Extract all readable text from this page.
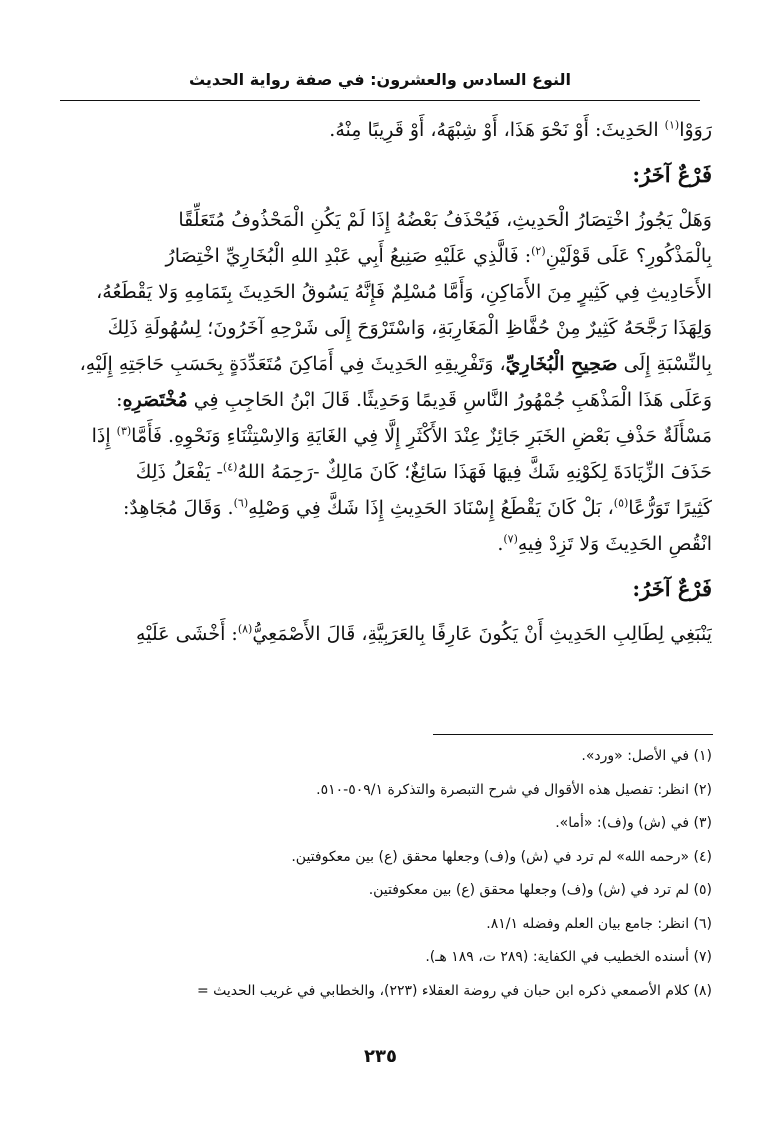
النوع السادس والعشرون: في صفة رواية الحديث
رَوَوْا$^{(١)}$ الحَدِيثَ: أَوْ نَحْوَ هَذَا، أَوْ شِبْهَهُ، أَوْ قَرِيبًا مِنْهُ.
فَرْعٌ آخَرُ:
وَهَلْ يَجُوزُ اخْتِصَارُ الْحَدِيثِ، فَيُحْذَفُ بَعْضُهُ إِذَا لَمْ يَكُنِ الْمَحْذُوفُ مُتَعَلِّقًا
بِالْمَذْكُورِ؟ عَلَى قَوْلَيْنِ$^{(٢)}$: فَالَّذِي عَلَيْهِ صَنِيعُ أَبِي عَبْدِ اللهِ الْبُخَارِيِّ اخْتِصَارُ
الأَحَادِيثِ فِي كَثِيرٍ مِنَ الأَمَاكِنِ، وَأَمَّا مُسْلِمٌ فَإِنَّهُ يَسُوقُ الحَدِيثَ بِتَمَامِهِ وَلا يَقْطَعُهُ،
وَلِهَذَا رَجَّحَهُ كَثِيرٌ مِنْ حُفَّاظِ الْمَغَارِبَةِ، وَاسْتَرْوَحَ إِلَى شَرْحِهِ آخَرُونَ؛ لِسُهُولَةِ ذَلِكَ
بِالنِّسْبَةِ إِلَى صَحِيحِ الْبُخَارِيِّ، وَتَفْرِيقِهِ الحَدِيثَ فِي أَمَاكِنَ مُتَعَدِّدَةٍ بِحَسَبِ حَاجَتِهِ إِلَيْهِ،
وَعَلَى هَذَا الْمَذْهَبِ جُمْهُورُ النَّاسِ قَدِيمًا وَحَدِيثًا. قَالَ ابْنُ الحَاجِبِ فِي مُخْتَصَرِهِ:
مَسْأَلَةٌ حَذْفِ بَعْضِ الخَبَرِ جَائِزٌ عِنْدَ الأَكْثَرِ إِلَّا فِي الغَايَةِ وَالاِسْتِثْنَاءِ وَنَحْوِهِ. فَأَمَّا$^{(٣)}$ إِذَا
حَذَفَ الزِّيَادَةَ لِكَوْنِهِ شَكَّ فِيهَا فَهَذَا سَائِغٌ؛ كَانَ مَالِكٌ -رَحِمَهُ اللهُ$^{(٤)}$- يَفْعَلُ ذَلِكَ
كَثِيرًا تَوَرُّعًا$^{(٥)}$، بَلْ كَانَ يَقْطَعُ إِسْنَادَ الحَدِيثِ إِذَا شَكَّ فِي وَصْلِهِ$^{(٦)}$. وَقَالَ مُجَاهِدٌ:
انْقُصِ الحَدِيثَ وَلا تَزِدْ فِيهِ$^{(٧)}$.
فَرْعٌ آخَرُ:
يَنْبَغِي لِطَالِبِ الحَدِيثِ أَنْ يَكُونَ عَارِفًا بِالعَرَبِيَّةِ، قَالَ الأَصْمَعِيُّ$^{(٨)}$: أَخْشَى عَلَيْهِ
(١) في الأصل: «ورد».
(٢) انظر: تفصيل هذه الأقوال في شرح التبصرة والتذكرة ٥٠٩/١-٥١٠.
(٣) في (ش) و(ف): «أما».
(٤) «رحمه الله» لم ترد في (ش) و(ف) وجعلها محقق (ع) بين معكوفتين.
(٥) لم ترد في (ش) و(ف) وجعلها محقق (ع) بين معكوفتين.
(٦) انظر: جامع بيان العلم وفضله ٨١/١.
(٧) أسنده الخطيب في الكفاية: (٢٨٩ ت، ١٨٩ هـ).
(٨) كلام الأصمعي ذكره ابن حبان في روضة العقلاء (٢٢٣)، والخطابي في غريب الحديث =
٢٣٥
